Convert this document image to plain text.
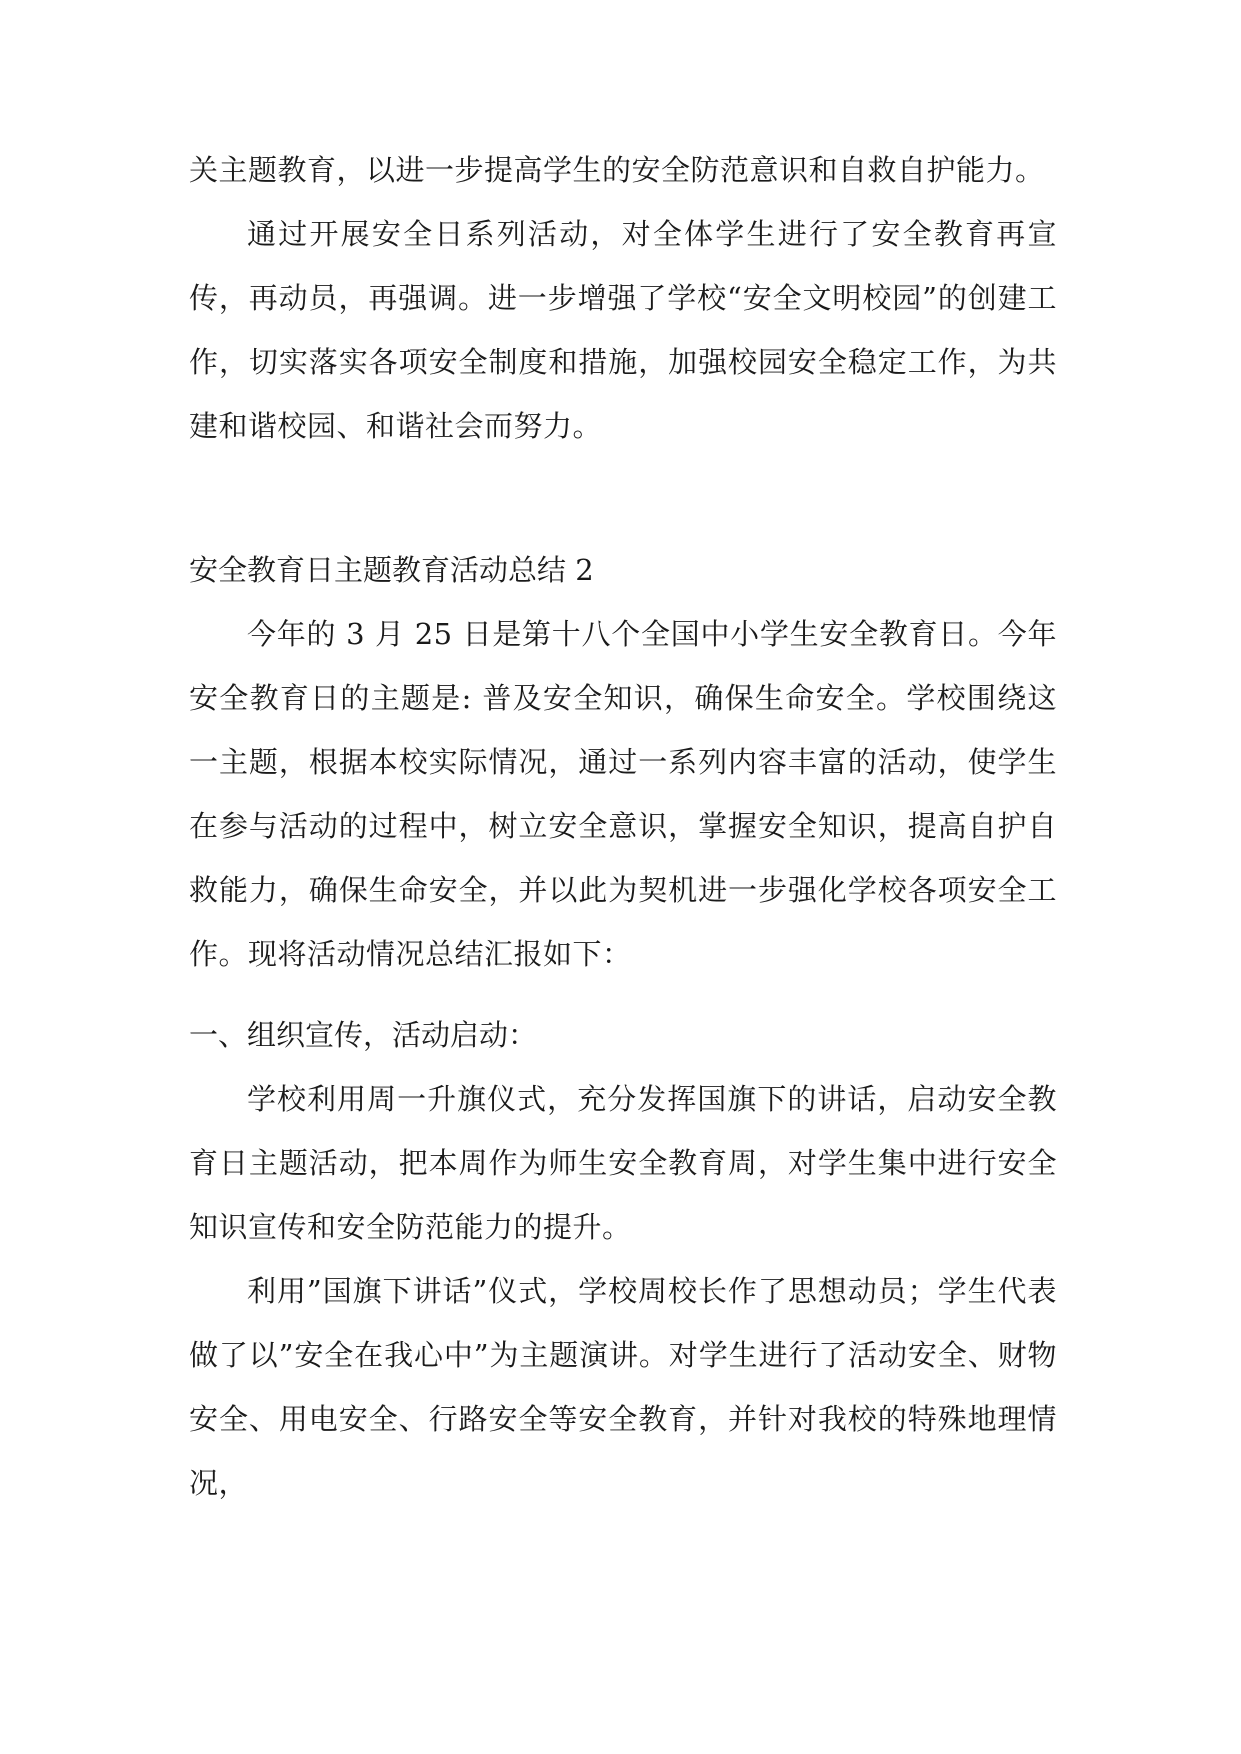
关主题教育，以进一步提高学生的安全防范意识和自救自护能力。

通过开展安全日系列活动，对全体学生进行了安全教育再宣传，再动员，再强调。进一步增强了学校“安全文明校园”的创建工作，切实落实各项安全制度和措施，加强校园安全稳定工作，为共建和谐校园、和谐社会而努力。

安全教育日主题教育活动总结 2

今年的 3 月 25 日是第十八个全国中小学生安全教育日。今年安全教育日的主题是: 普及安全知识，确保生命安全。学校围绕这一主题，根据本校实际情况，通过一系列内容丰富的活动，使学生在参与活动的过程中，树立安全意识，掌握安全知识，提高自护自救能力，确保生命安全，并以此为契机进一步强化学校各项安全工作。现将活动情况总结汇报如下：

一、组织宣传，活动启动：

学校利用周一升旗仪式，充分发挥国旗下的讲话，启动安全教育日主题活动，把本周作为师生安全教育周，对学生集中进行安全知识宣传和安全防范能力的提升。

利用”国旗下讲话”仪式，学校周校长作了思想动员；学生代表做了以”安全在我心中”为主题演讲。对学生进行了活动安全、财物安全、用电安全、行路安全等安全教育，并针对我校的特殊地理情况，
